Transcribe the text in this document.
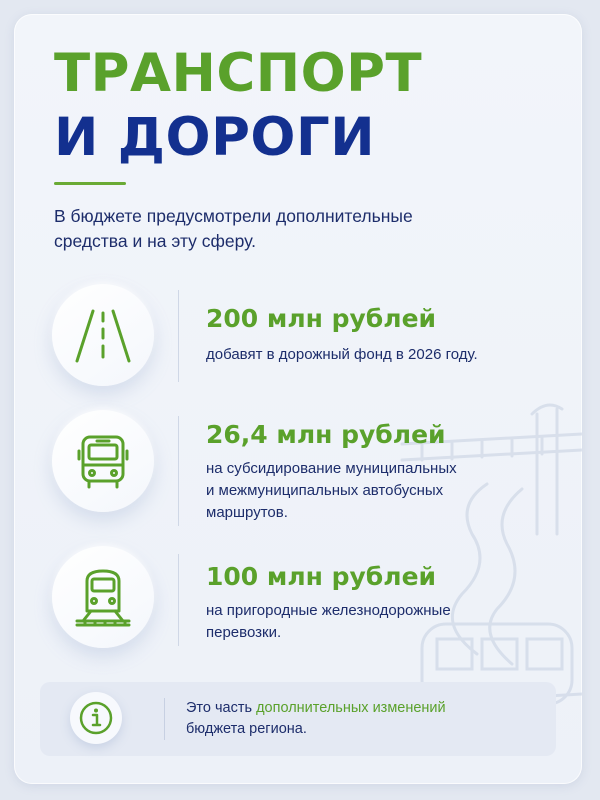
ТРАНСПОРТ
И ДОРОГИ
В бюджете предусмотрели дополнительные
средства и на эту сферу.
200 млн рублей
добавят в дорожный фонд в 2026 году.
26,4 млн рублей
на субсидирование муниципальных
и межмуниципальных автобусных
маршрутов.
100 млн рублей
на пригородные железнодорожные
перевозки.
Это часть дополнительных изменений
бюджета региона.
